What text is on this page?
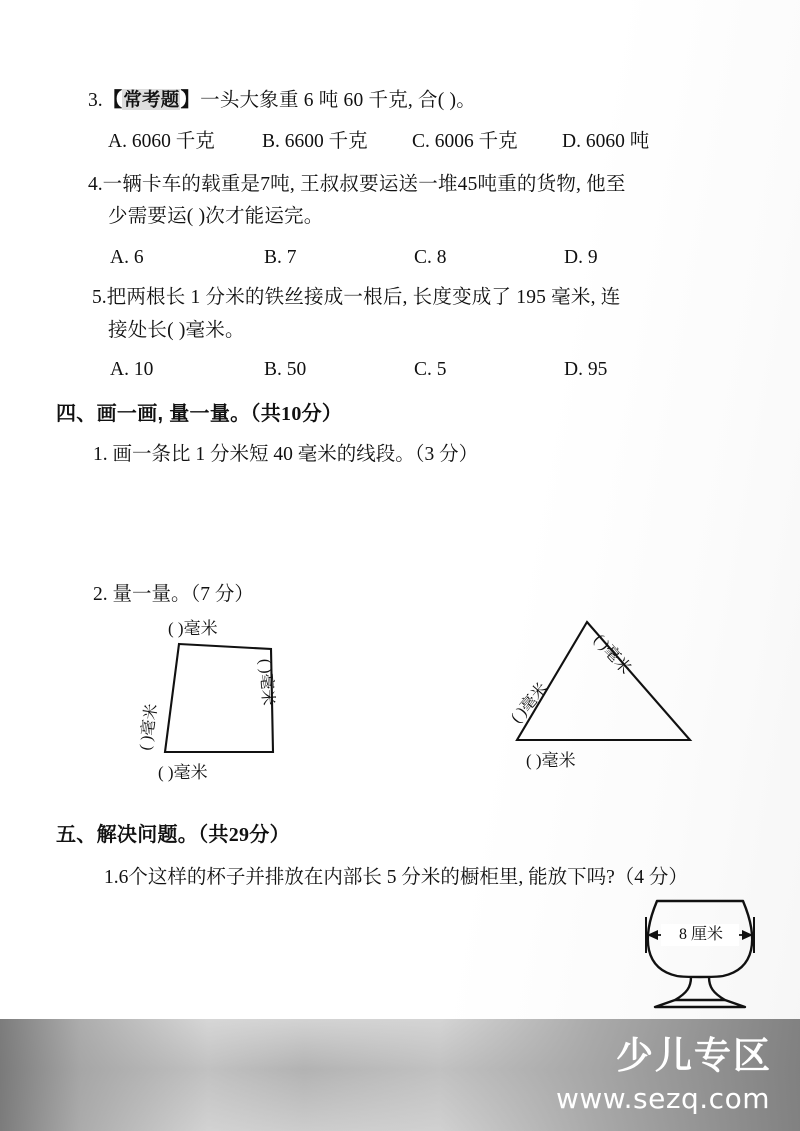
3.【常考题】一头大象重 6 吨 60 千克, 合( )。
A. 6060 千克 B. 6600 千克 C. 6006 千克 D. 6060 吨
4.一辆卡车的载重是7吨, 王叔叔要运送一堆45吨重的货物, 他至
少需要运( )次才能运完。
A. 6	B. 7	C. 8	D. 9
5.把两根长 1 分米的铁丝接成一根后, 长度变成了 195 毫米, 连
接处长( )毫米。
A. 10	B. 50	C. 5	D. 95
四、画一画, 量一量。（共10分）
1. 画一条比 1 分米短 40 毫米的线段。（3 分）
2. 量一量。（7 分）
( )毫米
( )毫米
( )毫米
( )毫米
( )毫米
( )毫米
( )毫米
五、解决问题。（共29分）
1.6个这样的杯子并排放在内部长 5 分米的橱柜里, 能放下吗?（4 分）
8 厘米
少儿专区
www.sezq.com
